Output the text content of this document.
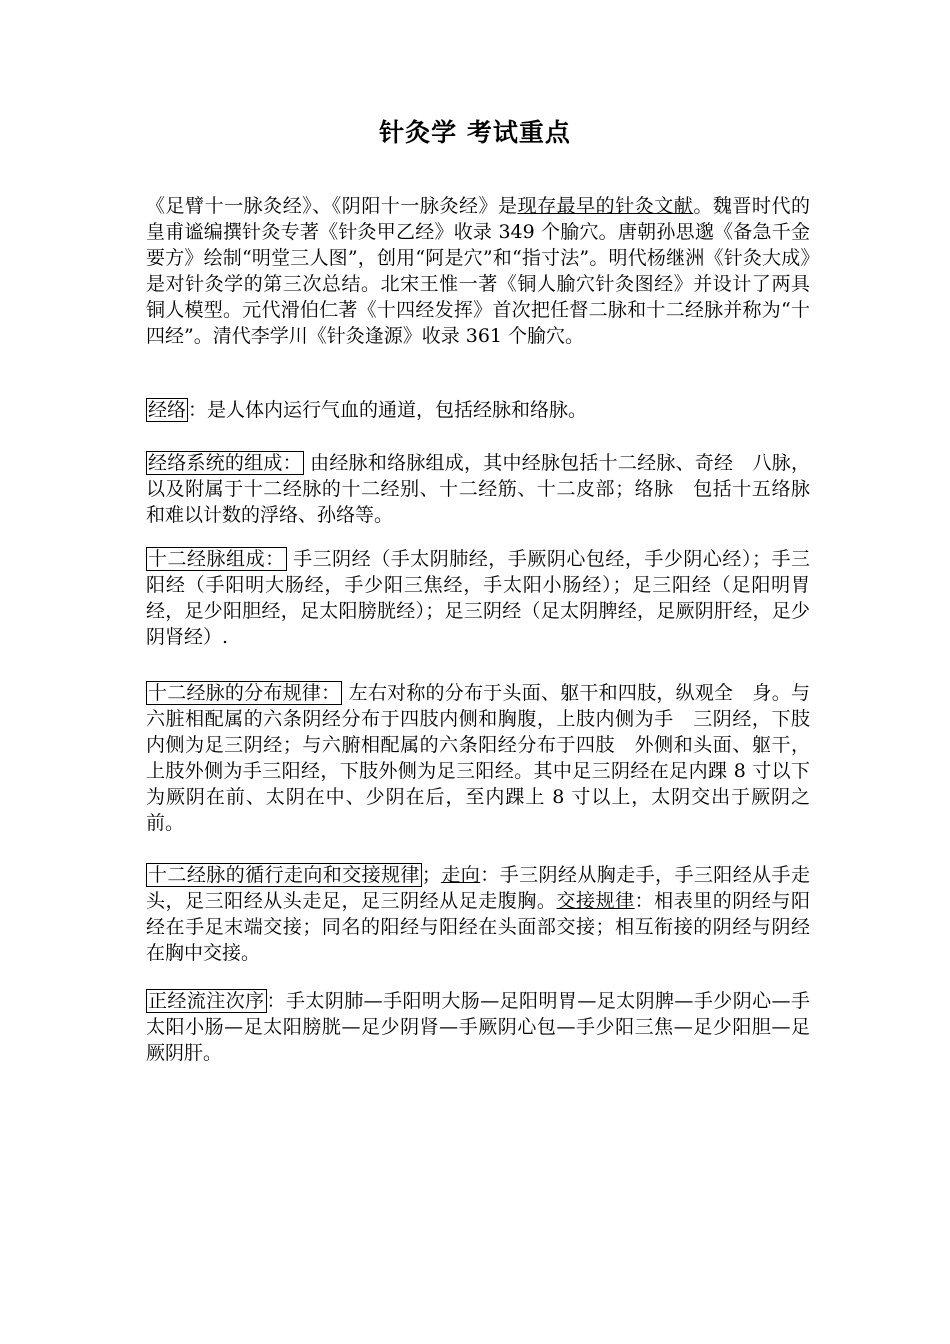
针灸学 考试重点
《足臂十一脉灸经》、《阴阳十一脉灸经》是现存最早的针灸文献。魏晋时代的皇甫谧编撰针灸专著《针灸甲乙经》收录 349 个腧穴。唐朝孙思邈《备急千金要方》绘制“明堂三人图”，创用“阿是穴”和“指寸法”。明代杨继洲《针灸大成》是对针灸学的第三次总结。北宋王惟一著《铜人腧穴针灸图经》并设计了两具铜人模型。元代滑伯仁著《十四经发挥》首次把任督二脉和十二经脉并称为“十四经”。清代李学川《针灸逢源》收录 361 个腧穴。
经络 ：是人体内运行气血的通道，包括经脉和络脉。
经络系统的组成： 由经脉和络脉组成，其中经脉包括十二经脉、奇经　八脉，以及附属于十二经脉的十二经别、十二经筋、十二皮部；络脉　包括十五络脉和难以计数的浮络、孙络等。
十二经脉组成： 手三阴经（手太阴肺经，手厥阴心包经，手少阴心经）；手三阳经（手阳明大肠经，手少阳三焦经，手太阳小肠经）；足三阳经（足阳明胃经，足少阳胆经，足太阳膀胱经）；足三阴经（足太阴脾经，足厥阴肝经，足少阴肾经）.
十二经脉的分布规律： 左右对称的分布于头面、躯干和四肢，纵观全　身。与六脏相配属的六条阴经分布于四肢内侧和胸腹，上肢内侧为手　三阴经，下肢内侧为足三阴经；与六腑相配属的六条阳经分布于四肢　外侧和头面、躯干，上肢外侧为手三阳经，下肢外侧为足三阳经。其中足三阴经在足内踝 8 寸以下为厥阴在前、太阴在中、少阴在后，至内踝上 8 寸以上，太阴交出于厥阴之前。
十二经脉的循行走向和交接规律 ；走向：手三阴经从胸走手，手三阳经从手走头，足三阳经从头走足，足三阴经从足走腹胸。交接规律：相表里的阴经与阳经在手足末端交接；同名的阳经与阳经在头面部交接；相互衔接的阴经与阴经在胸中交接。
正经流注次序 ：手太阴肺—手阳明大肠—足阳明胃—足太阴脾—手少阴心—手太阳小肠—足太阳膀胱—足少阴肾—手厥阴心包—手少阳三焦—足少阳胆—足厥阴肝。
